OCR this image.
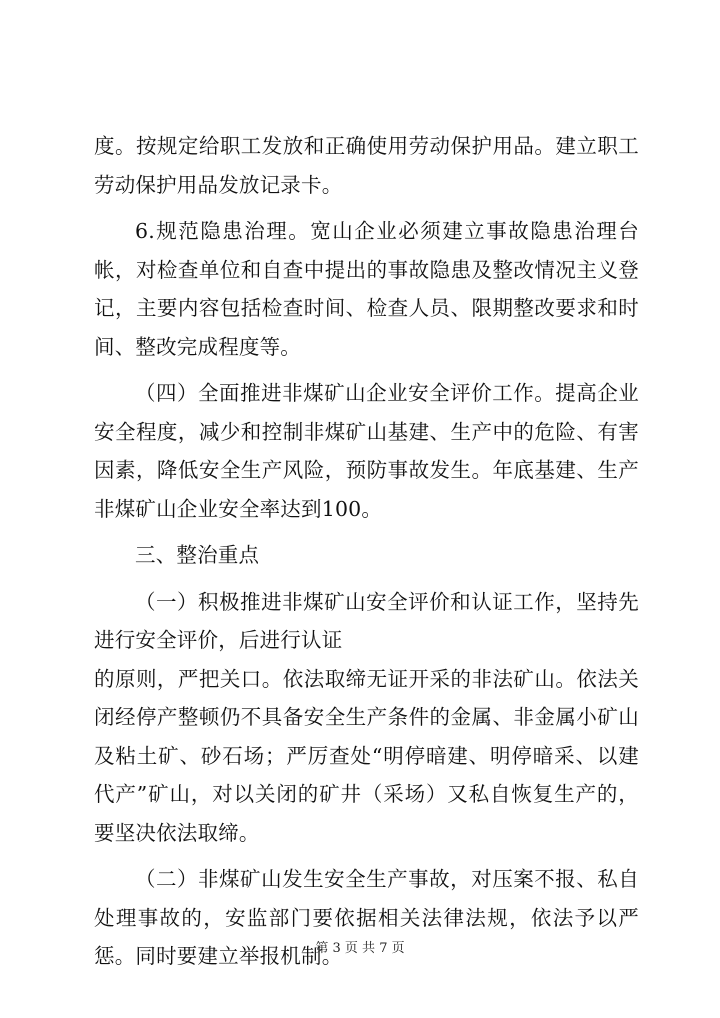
度。按规定给职工发放和正确使用劳动保护用品。建立职工劳动保护用品发放记录卡。

6.规范隐患治理。宽山企业必须建立事故隐患治理台帐，对检查单位和自查中提出的事故隐患及整改情况主义登记，主要内容包括检查时间、检查人员、限期整改要求和时间、整改完成程度等。

（四）全面推进非煤矿山企业安全评价工作。提高企业安全程度，减少和控制非煤矿山基建、生产中的危险、有害因素，降低安全生产风险，预防事故发生。年底基建、生产非煤矿山企业安全率达到100。

三、整治重点

（一）积极推进非煤矿山安全评价和认证工作，坚持先进行安全评价，后进行认证

的原则，严把关口。依法取缔无证开采的非法矿山。依法关闭经停产整顿仍不具备安全生产条件的金属、非金属小矿山及粘土矿、砂石场；严厉查处“明停暗建、明停暗采、以建代产”矿山，对以关闭的矿井（采场）又私自恢复生产的，要坚决依法取缔。

（二）非煤矿山发生安全生产事故，对压案不报、私自处理事故的，安监部门要依据相关法律法规，依法予以严惩。同时要建立举报机制。

第 3 页 共 7 页
